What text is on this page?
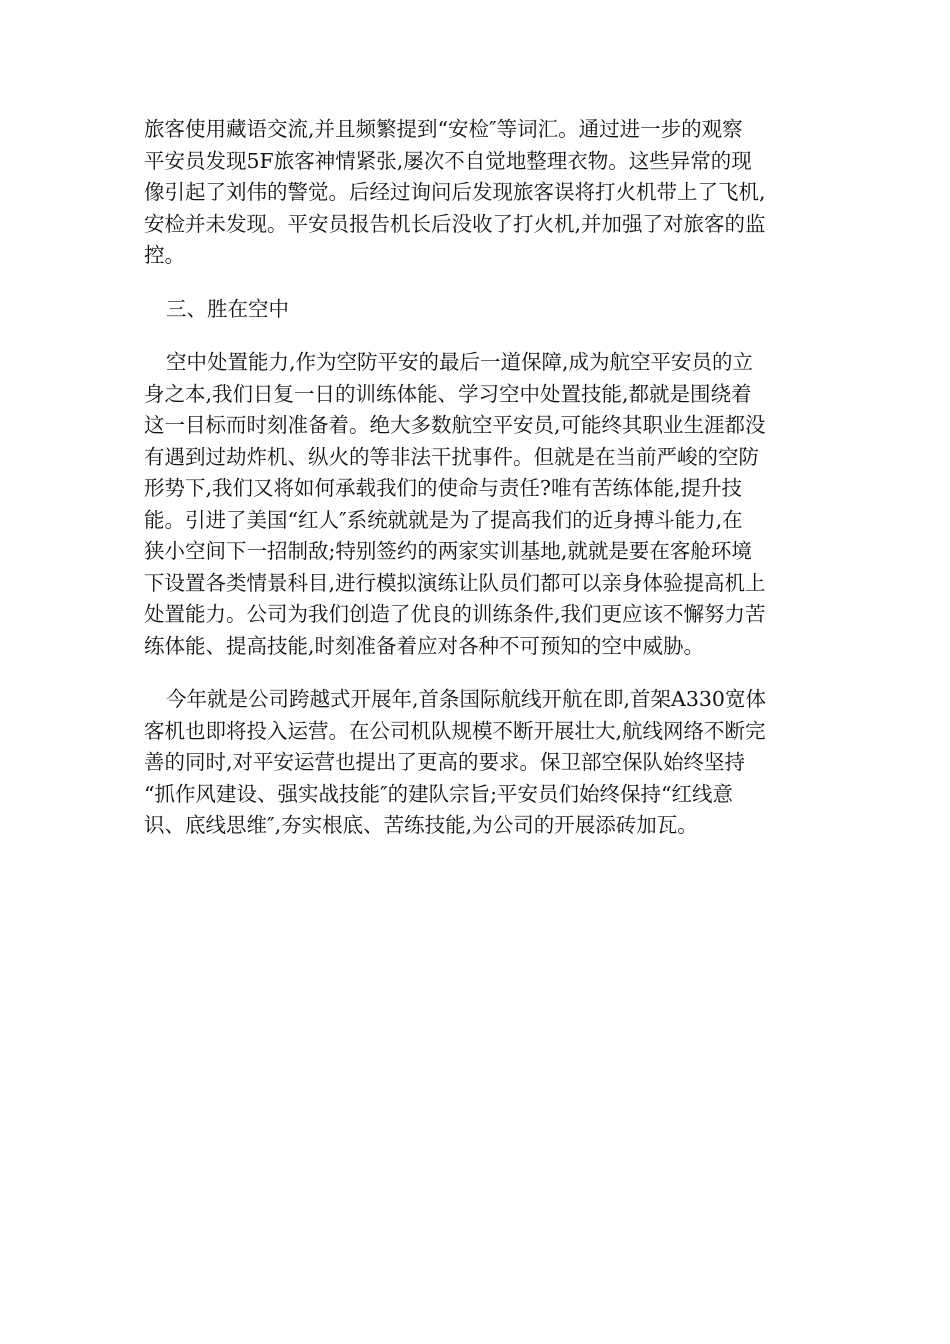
旅客使用藏语交流,并且频繁提到“安检″等词汇。通过进一步的观察
平安员发现5F旅客神情紧张,屡次不自觉地整理衣物。这些异常的现
像引起了刘伟的警觉。后经过询问后发现旅客误将打火机带上了飞机,
安检并未发现。平安员报告机长后没收了打火机,并加强了对旅客的监
控。
三、胜在空中
空中处置能力,作为空防平安的最后一道保障,成为航空平安员的立
身之本,我们日复一日的训练体能、学习空中处置技能,都就是围绕着
这一目标而时刻准备着。绝大多数航空平安员,可能终其职业生涯都没
有遇到过劫炸机、纵火的等非法干扰事件。但就是在当前严峻的空防
形势下,我们又将如何承载我们的使命与责任?唯有苦练体能,提升技
能。引进了美国“红人″系统就就是为了提高我们的近身搏斗能力,在
狭小空间下一招制敌;特别签约的两家实训基地,就就是要在客舱环境
下设置各类情景科目,进行模拟演练让队员们都可以亲身体验提高机上
处置能力。公司为我们创造了优良的训练条件,我们更应该不懈努力苦
练体能、提高技能,时刻准备着应对各种不可预知的空中威胁。
今年就是公司跨越式开展年,首条国际航线开航在即,首架A330宽体
客机也即将投入运营。在公司机队规模不断开展壮大,航线网络不断完
善的同时,对平安运营也提出了更高的要求。保卫部空保队始终坚持
“抓作风建设、强实战技能″的建队宗旨;平安员们始终保持“红线意
识、底线思维″,夯实根底、苦练技能,为公司的开展添砖加瓦。
